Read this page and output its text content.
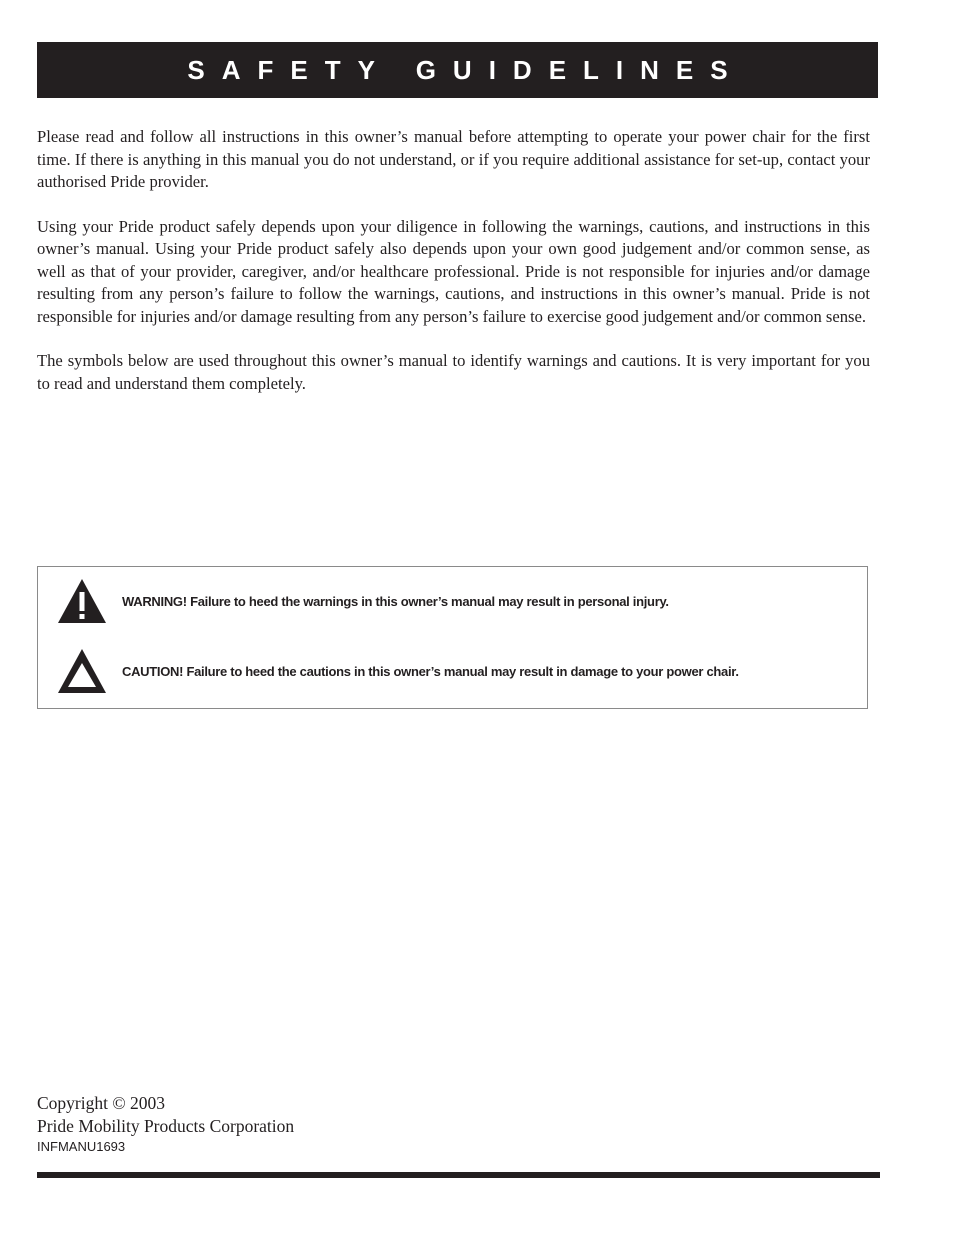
SAFETY GUIDELINES

Please read and follow all instructions in this owner’s manual before attempting to operate your power chair for the first time. If there is anything in this manual you do not understand, or if you require additional assistance for set-up, contact your authorised Pride provider.

Using your Pride product safely depends upon your diligence in following the warnings, cautions, and instructions in this owner’s manual. Using your Pride product safely also depends upon your own good judgement and/or common sense, as well as that of your provider, caregiver, and/or healthcare professional. Pride is not responsible for injuries and/or damage resulting from any person’s failure to follow the warnings, cautions, and instructions in this owner’s manual. Pride is not responsible for injuries and/or damage resulting from any person’s failure to exercise good judgement and/or common sense.

The symbols below are used throughout this owner’s manual to identify warnings and cautions. It is very important for you to read and understand them completely.

WARNING! Failure to heed the warnings in this owner’s manual may result in personal injury.
CAUTION! Failure to heed the cautions in this owner’s manual may result in damage to your power chair.
Copyright © 2003
Pride Mobility Products Corporation
INFMANU1693
